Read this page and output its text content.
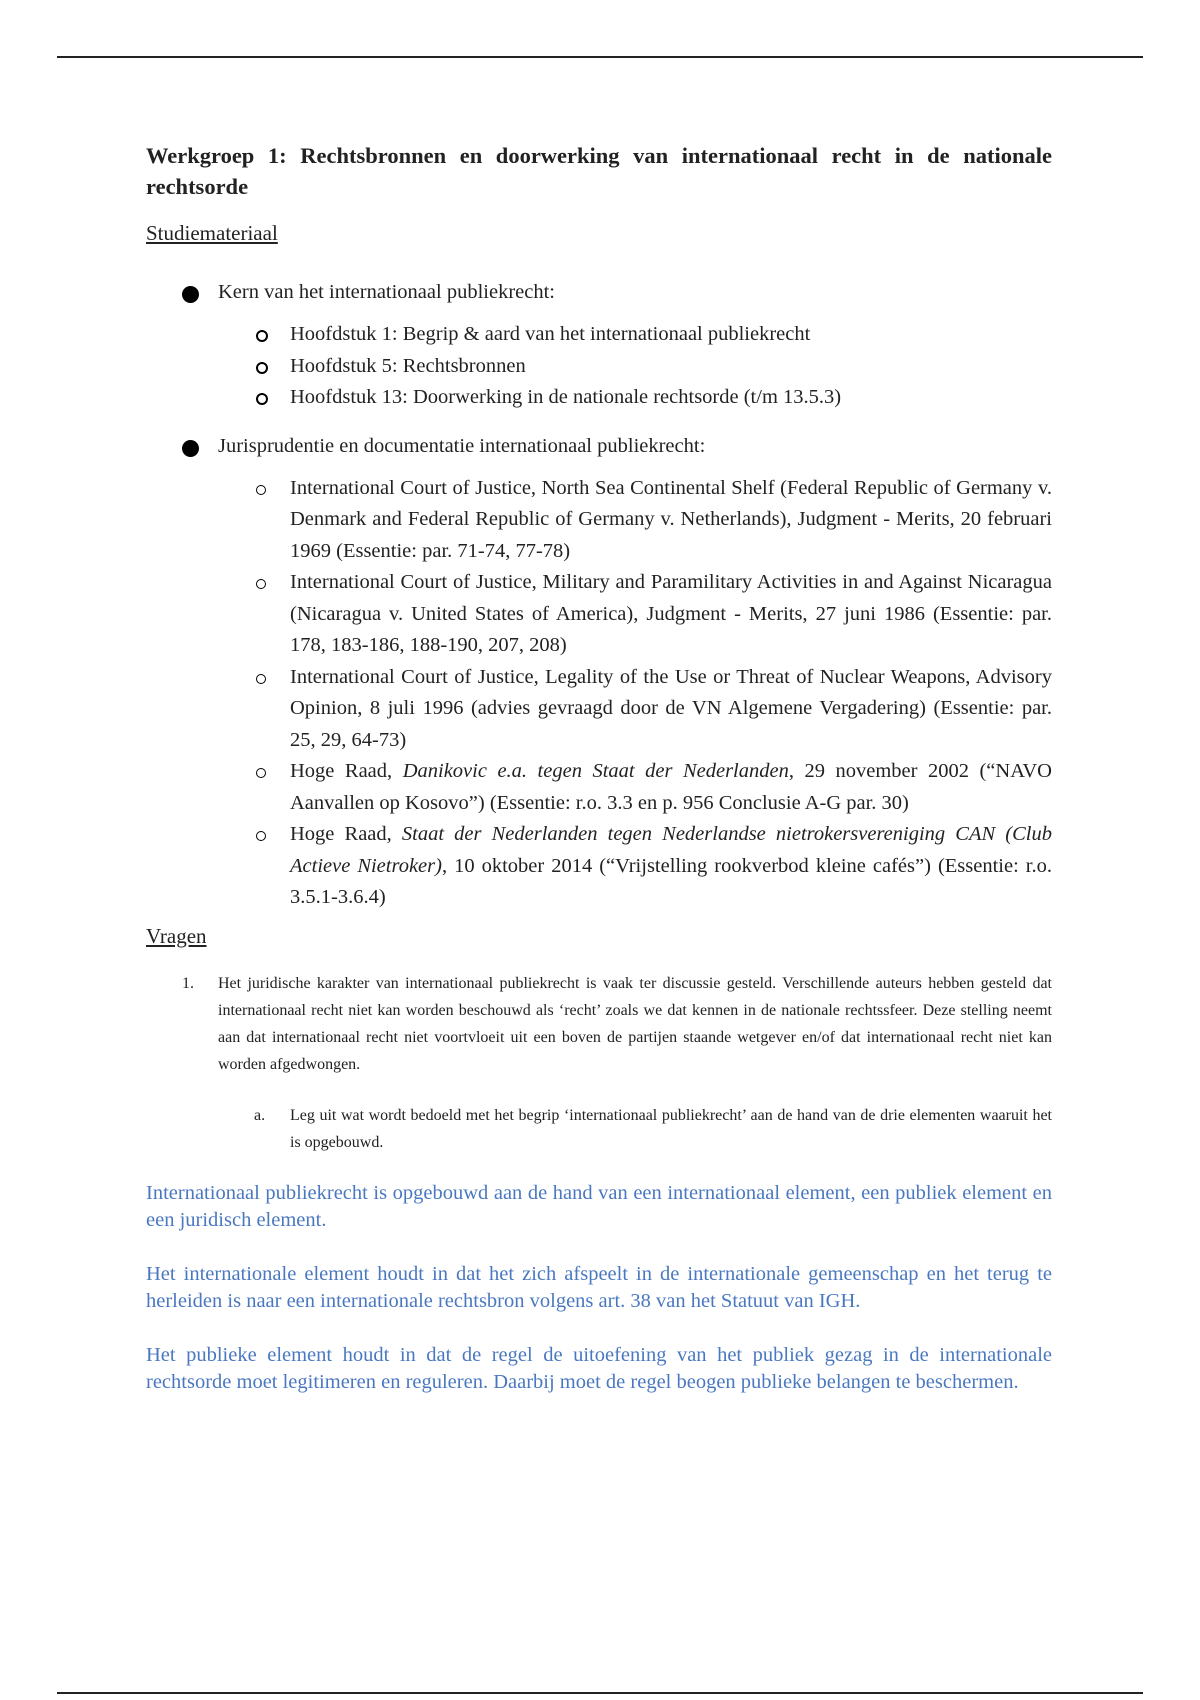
Werkgroep 1: Rechtsbronnen en doorwerking van internationaal recht in de nationale rechtsorde
Studiemateriaal
Kern van het internationaal publiekrecht:
Hoofdstuk 1: Begrip & aard van het internationaal publiekrecht
Hoofdstuk 5: Rechtsbronnen
Hoofdstuk 13: Doorwerking in de nationale rechtsorde (t/m 13.5.3)
Jurisprudentie en documentatie internationaal publiekrecht:
International Court of Justice, North Sea Continental Shelf (Federal Republic of Germany v. Denmark and Federal Republic of Germany v. Netherlands), Judgment - Merits, 20 februari 1969 (Essentie: par. 71-74, 77-78)
International Court of Justice, Military and Paramilitary Activities in and Against Nicaragua (Nicaragua v. United States of America), Judgment - Merits, 27 juni 1986 (Essentie: par. 178, 183-186, 188-190, 207, 208)
International Court of Justice, Legality of the Use or Threat of Nuclear Weapons, Advisory Opinion, 8 juli 1996 (advies gevraagd door de VN Algemene Vergadering) (Essentie: par. 25, 29, 64-73)
Hoge Raad, Danikovic e.a. tegen Staat der Nederlanden, 29 november 2002 (“NAVO Aanvallen op Kosovo”) (Essentie: r.o. 3.3 en p. 956 Conclusie A-G par. 30)
Hoge Raad, Staat der Nederlanden tegen Nederlandse nietrokersvereniging CAN (Club Actieve Nietroker), 10 oktober 2014 (“Vrijstelling rookverbod kleine cafés”) (Essentie: r.o. 3.5.1-3.6.4)
Vragen
1. Het juridische karakter van internationaal publiekrecht is vaak ter discussie gesteld. Verschillende auteurs hebben gesteld dat internationaal recht niet kan worden beschouwd als ‘recht’ zoals we dat kennen in de nationale rechtssfeer. Deze stelling neemt aan dat internationaal recht niet voortvloeit uit een boven de partijen staande wetgever en/of dat internationaal recht niet kan worden afgedwongen.
a. Leg uit wat wordt bedoeld met het begrip ‘internationaal publiekrecht’ aan de hand van de drie elementen waaruit het is opgebouwd.

Internationaal publiekrecht is opgebouwd aan de hand van een internationaal element, een publiek element en een juridisch element.

Het internationale element houdt in dat het zich afspeelt in de internationale gemeenschap en het terug te herleiden is naar een internationale rechtsbron volgens art. 38 van het Statuut van IGH.

Het publieke element houdt in dat de regel de uitoefening van het publiek gezag in de internationale rechtsorde moet legitimeren en reguleren. Daarbij moet de regel beogen publieke belangen te beschermen.
